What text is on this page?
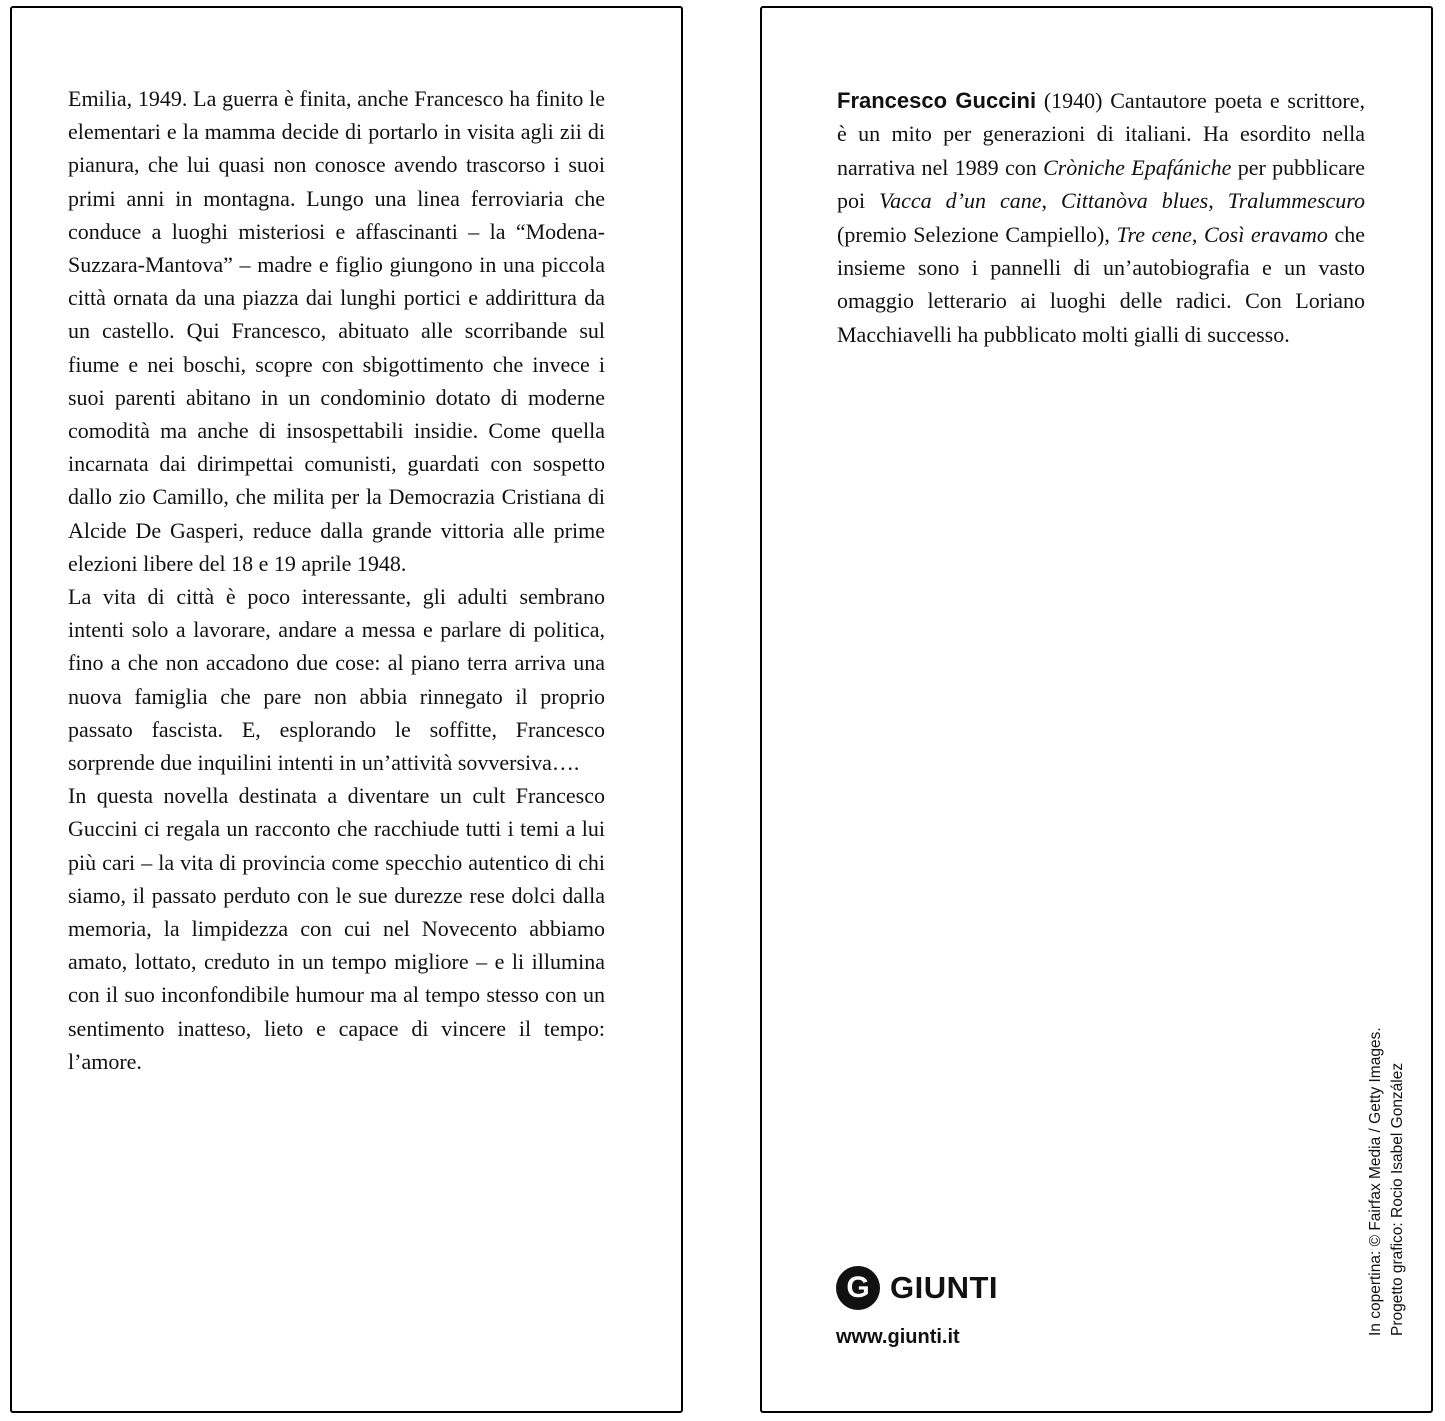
Emilia, 1949. La guerra è finita, anche Francesco ha finito le elementari e la mamma decide di portarlo in visita agli zii di pianura, che lui quasi non conosce avendo trascorso i suoi primi anni in montagna. Lungo una linea ferroviaria che conduce a luoghi misteriosi e affascinanti – la “Modena-Suzzara-Mantova” – madre e figlio giungono in una piccola città ornata da una piazza dai lunghi portici e addirittura da un castello. Qui Francesco, abituato alle scorribande sul fiume e nei boschi, scopre con sbigottimento che invece i suoi parenti abitano in un condominio dotato di moderne comodità ma anche di insospettabili insidie. Come quella incarnata dai dirimpettai comunisti, guardati con sospetto dallo zio Camillo, che milita per la Democrazia Cristiana di Alcide De Gasperi, reduce dalla grande vittoria alle prime elezioni libere del 18 e 19 aprile 1948.

La vita di città è poco interessante, gli adulti sembrano intenti solo a lavorare, andare a messa e parlare di politica, fino a che non accadono due cose: al piano terra arriva una nuova famiglia che pare non abbia rinnegato il proprio passato fascista. E, esplorando le soffitte, Francesco sorprende due inquilini intenti in un’attività sovversiva….

In questa novella destinata a diventare un cult Francesco Guccini ci regala un racconto che racchiude tutti i temi a lui più cari – la vita di provincia come specchio autentico di chi siamo, il passato perduto con le sue durezze rese dolci dalla memoria, la limpidezza con cui nel Novecento abbiamo amato, lottato, creduto in un tempo migliore – e li illumina con il suo inconfondibile humour ma al tempo stesso con un sentimento inatteso, lieto e capace di vincere il tempo: l’amore.

Francesco Guccini (1940) Cantautore poeta e scrittore, è un mito per generazioni di italiani. Ha esordito nella narrativa nel 1989 con Cròniche Epafániche per pubblicare poi Vacca d’un cane, Cittanòva blues, Tralummescuro (premio Selezione Campiello), Tre cene, Così eravamo che insieme sono i pannelli di un’autobiografia e un vasto omaggio letterario ai luoghi delle radici. Con Loriano Macchiavelli ha pubblicato molti gialli di successo.
G GIUNTI
www.giunti.it
In copertina: © Fairfax Media / Getty Images. Progetto grafico: Rocio Isabel González
